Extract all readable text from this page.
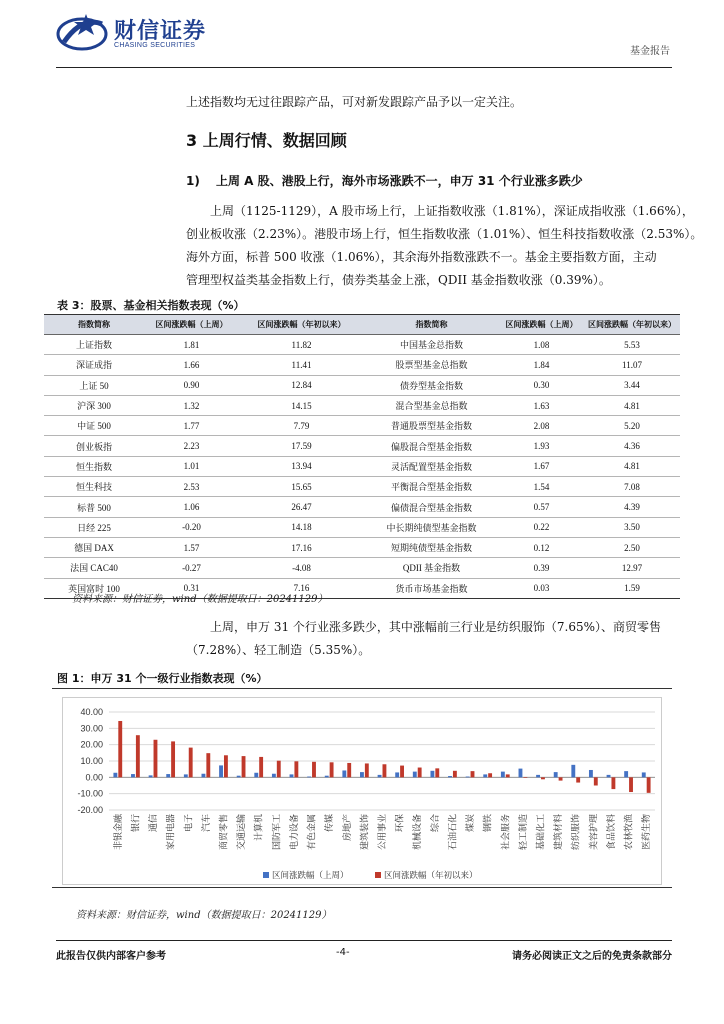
财信证券
CHASING SECURITIES
基金报告
上述指数均无过往跟踪产品，可对新发跟踪产品予以一定关注。
3 上周行情、数据回顾
1) 上周 A 股、港股上行，海外市场涨跌不一，申万 31 个行业涨多跌少
上周（1125-1129），A 股市场上行，上证指数收涨（1.81%），深证成指收涨（1.66%），
创业板收涨（2.23%）。港股市场上行，恒生指数收涨（1.01%）、恒生科技指数收涨（2.53%）。
海外方面，标普 500 收涨（1.06%），其余海外指数涨跌不一。基金主要指数方面，主动
管理型权益类基金指数上行，债券类基金上涨，QDII 基金指数收涨（0.39%）。
表 3：股票、基金相关指数表现（%）
指数简称	区间涨跌幅（上周）	区间涨跌幅（年初以来）	指数简称	区间涨跌幅（上周）	区间涨跌幅（年初以来）
上证指数	1.81	11.82	中国基金总指数	1.08	5.53
深证成指	1.66	11.41	股票型基金总指数	1.84	11.07
上证 50	0.90	12.84	债券型基金指数	0.30	3.44
沪深 300	1.32	14.15	混合型基金总指数	1.63	4.81
中证 500	1.77	7.79	普通股票型基金指数	2.08	5.20
创业板指	2.23	17.59	偏股混合型基金指数	1.93	4.36
恒生指数	1.01	13.94	灵活配置型基金指数	1.67	4.81
恒生科技	2.53	15.65	平衡混合型基金指数	1.54	7.08
标普 500	1.06	26.47	偏债混合型基金指数	0.57	4.39
日经 225	-0.20	14.18	中长期纯债型基金指数	0.22	3.50
德国 DAX	1.57	17.16	短期纯债型基金指数	0.12	2.50
法国 CAC40	-0.27	-4.08	QDII 基金指数	0.39	12.97
英国富时 100	0.31	7.16	货币市场基金指数	0.03	1.59
资料来源：财信证券，wind（数据提取日：20241129）
上周，申万 31 个行业涨多跌少，其中涨幅前三行业是纺织服饰（7.65%）、商贸零售
（7.28%）、轻工制造（5.35%）。
图 1：申万 31 个一级行业指数表现（%）
40.00
30.00
20.00
10.00
0.00
-10.00
-20.00
非银金融 银行 通信 家用电器 电子 汽车 商贸零售 交通运输 计算机 国防军工 电力设备 有色金属 传媒 房地产 建筑装饰 公用事业 环保 机械设备 综合 石油石化 煤炭 钢铁 社会服务 轻工制造 基础化工 建筑材料 纺织服饰 美容护理 食品饮料 农林牧渔 医药生物
区间涨跌幅（上周）	区间涨跌幅（年初以来）
资料来源：财信证券，wind（数据提取日：20241129）
此报告仅供内部客户参考	-4-	请务必阅读正文之后的免责条款部分
